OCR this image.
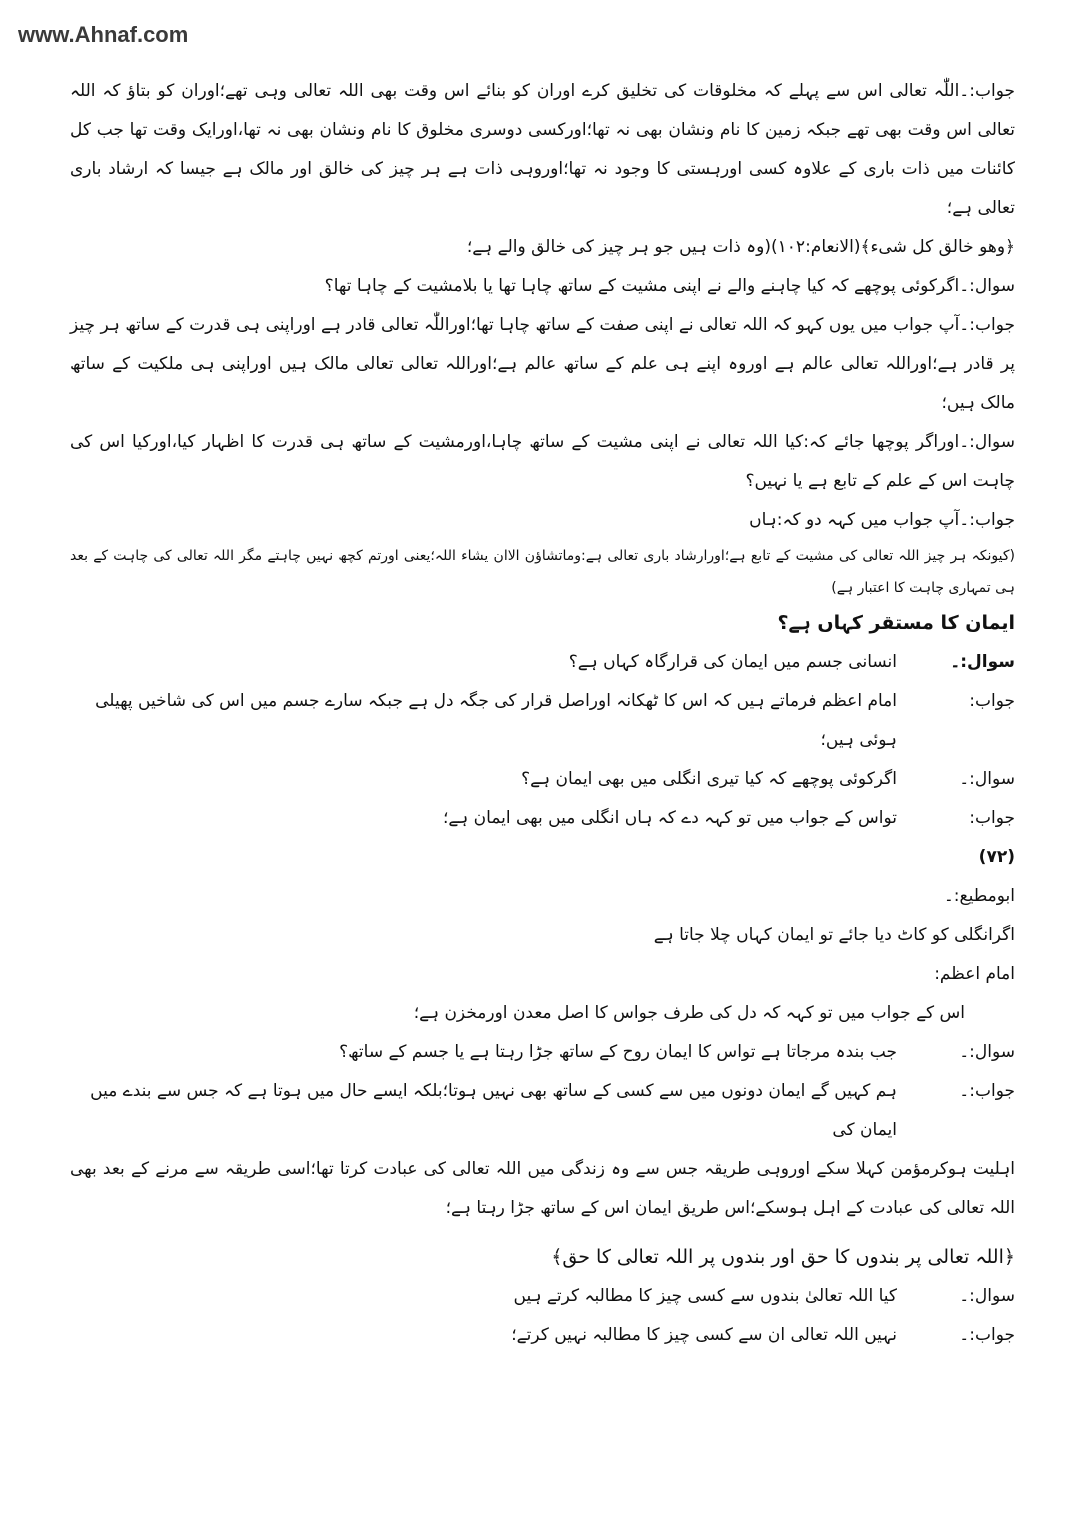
www.Ahnaf.com

جواب:۔اللّٰہ تعالی اس سے پہلے کہ مخلوقات کی تخلیق کرے اوران کو بنائے اس وقت بھی اللہ تعالی وہی تھے؛اوران کو بتاؤ کہ اللہ تعالی اس وقت بھی تھے جبکہ زمین کا نام ونشان بھی نہ تھا؛اورکسی دوسری مخلوق کا نام ونشان بھی نہ تھا،اورایک وقت تھا جب کل کائنات میں ذات باری کے علاوہ کسی اورہستی کا وجود نہ تھا؛اوروہی ذات ہے ہر چیز کی خالق اور مالک ہے جیسا کہ ارشاد باری تعالی ہے؛

﴿وھو خالق کل شیء﴾(الانعام:۱۰۲)(وہ ذات ہیں جو ہر چیز کی خالق والے ہے؛

سوال:۔اگرکوئی پوچھے کہ کیا چاہنے والے نے اپنی مشیت کے ساتھ چاہا تھا یا بلامشیت کے چاہا تھا؟

جواب:۔آپ جواب میں یوں کہو کہ اللہ تعالی نے اپنی صفت کے ساتھ چاہا تھا؛اوراللّٰہ تعالی قادر ہے اوراپنی ہی قدرت کے ساتھ ہر چیز پر قادر ہے؛اوراللہ تعالی عالم ہے اوروہ اپنے ہی علم کے ساتھ عالم ہے؛اوراللہ تعالی تعالی مالک ہیں اوراپنی ہی ملکیت کے ساتھ مالک ہیں؛

سوال:۔اوراگر پوچھا جائے کہ:کیا اللہ تعالی نے اپنی مشیت کے ساتھ چاہا،اورمشیت کے ساتھ ہی قدرت کا اظہار کیا،اورکیا اس کی چاہت اس کے علم کے تابع ہے یا نہیں؟

جواب:۔آپ جواب میں کہہ دو کہ:ہاں

(کیونکہ ہر چیز اللہ تعالی کی مشیت کے تابع ہے؛اورارشاد باری تعالی ہے:وماتشاؤن الاان یشاء اللہ؛یعنی اورتم کچھ نہیں چاہتے مگر اللہ تعالی کی چاہت کے بعد ہی تمہاری چاہت کا اعتبار ہے)

ایمان کا مستقر کہاں ہے؟

سوال:۔
انسانی جسم میں ایمان کی قرارگاہ کہاں ہے؟
جواب:
امام اعظم فرماتے ہیں کہ اس کا ٹھکانہ اوراصل قرار کی جگہ دل ہے جبکہ سارے جسم میں اس کی شاخیں پھیلی ہوئی ہیں؛
سوال:۔
اگرکوئی پوچھے کہ کیا تیری انگلی میں بھی ایمان ہے؟
جواب:
تواس کے جواب میں تو کہہ دے کہ ہاں انگلی میں بھی ایمان ہے؛

(۷۲)

ابومطیع:۔

اگرانگلی کو کاٹ دیا جائے تو ایمان کہاں چلا جاتا ہے

امام اعظم:

اس کے جواب میں تو کہہ کہ دل کی طرف جواس کا اصل معدن اورمخزن ہے؛

سوال:۔
جب بندہ مرجاتا ہے تواس کا ایمان روح کے ساتھ جڑا رہتا ہے یا جسم کے ساتھ؟
جواب:۔
ہم کہیں گے ایمان دونوں میں سے کسی کے ساتھ بھی نہیں ہوتا؛بلکہ ایسے حال میں ہوتا ہے کہ جس سے بندے میں ایمان کی

اہلیت ہوکرمؤمن کہلا سکے اوروہی طریقہ جس سے وہ زندگی میں اللہ تعالی کی عبادت کرتا تھا؛اسی طریقہ سے مرنے کے بعد بھی اللہ تعالی کی عبادت کے اہل ہوسکے؛اس طریق ایمان اس کے ساتھ جڑا رہتا ہے؛

﴿اللہ تعالی پر بندوں کا حق اور بندوں پر اللہ تعالی کا حق﴾

سوال:۔
کیا اللہ تعالیٰ بندوں سے کسی چیز کا مطالبہ کرتے ہیں
جواب:۔
نہیں اللہ تعالی ان سے کسی چیز کا مطالبہ نہیں کرتے؛
